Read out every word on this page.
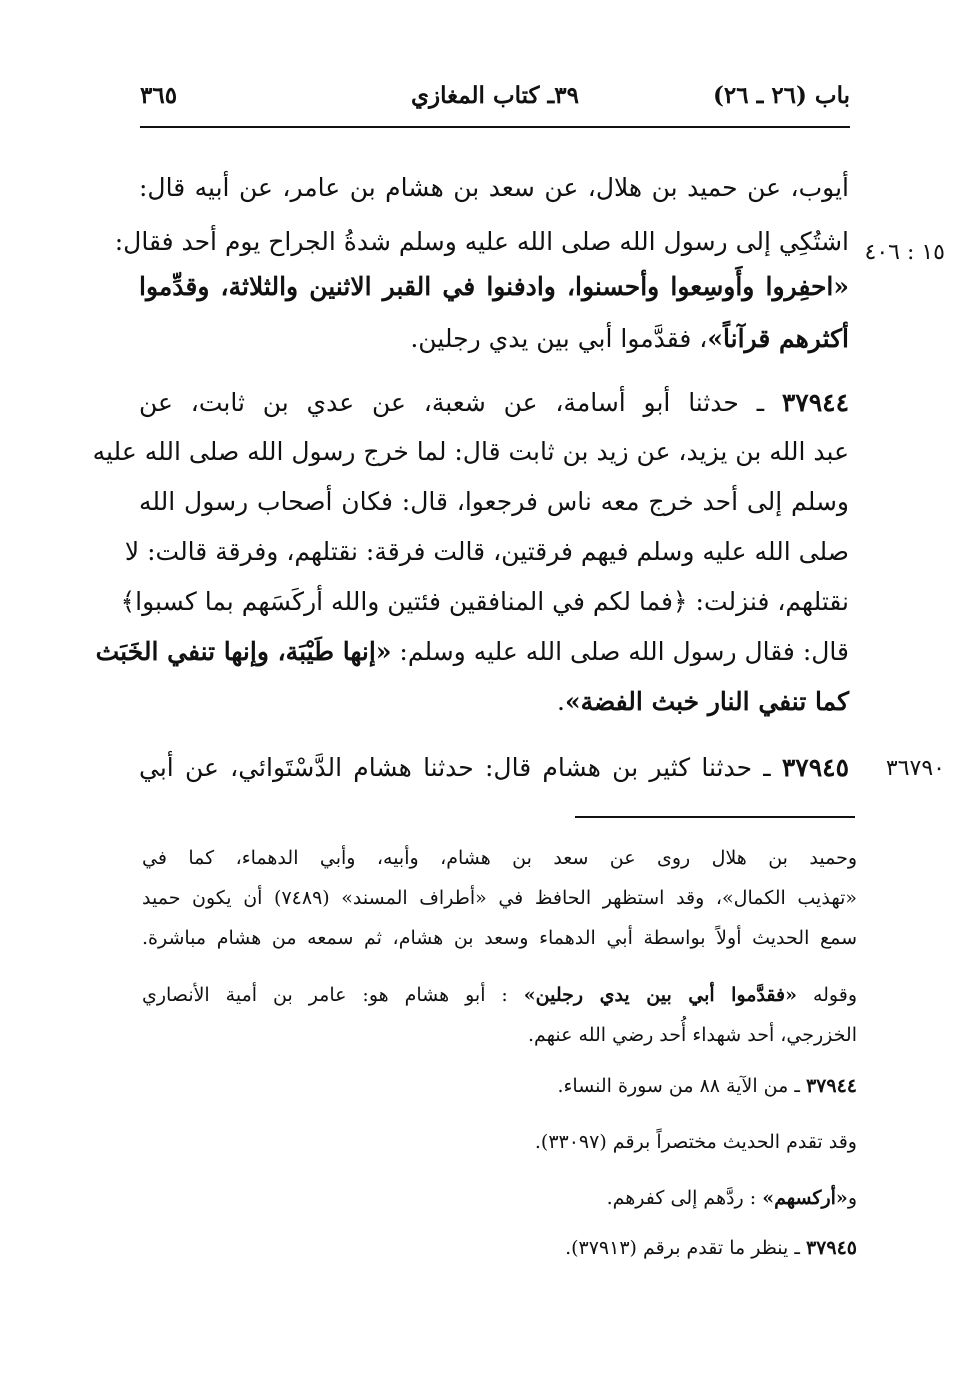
باب (٢٦ ـ ٢٦)
٣٩ـ كتاب المغازي
٣٦٥
١٥ : ٤٠٦
٣٦٧٩٠
أيوب، عن حميد بن هلال، عن سعد بن هشام بن عامر، عن أبيه قال:
اشتُكِي إلى رسول الله صلى الله عليه وسلم شدةُ الجراح يوم أحد فقال:
«احفِروا وأَوسِعوا وأحسنوا، وادفنوا في القبر الاثنين والثلاثة، وقدِّموا
أكثرهم قرآناً»، فقدَّموا أبي بين يدي رجلين.
٣٧٩٤٤ ـ حدثنا أبو أسامة، عن شعبة، عن عدي بن ثابت، عن
عبد الله بن يزيد، عن زيد بن ثابت قال: لما خرج رسول الله صلى الله عليه
وسلم إلى أحد خرج معه ناس فرجعوا، قال: فكان أصحاب رسول الله
صلى الله عليه وسلم فيهم فرقتين، قالت فرقة: نقتلهم، وفرقة قالت: لا
نقتلهم، فنزلت: ﴿فما لكم في المنافقين فئتين والله أركَسَهم بما كسبوا﴾
قال: فقال رسول الله صلى الله عليه وسلم: «إنها طَيْبَة، وإنها تنفي الخَبَث
كما تنفي النار خبث الفضة».
٣٧٩٤٥ ـ حدثنا كثير بن هشام قال: حدثنا هشام الدَّسْتَوائي، عن أبي
وحميد بن هلال روى عن سعد بن هشام، وأبيه، وأبي الدهماء، كما في
«تهذيب الكمال»، وقد استظهر الحافظ في «أطراف المسند» (٧٤٨٩) أن يكون حميد
سمع الحديث أولاً بواسطة أبي الدهماء وسعد بن هشام، ثم سمعه من هشام مباشرة.
وقوله «فقدَّموا أبي بين يدي رجلين» : أبو هشام هو: عامر بن أمية الأنصاري
الخزرجي، أحد شهداء أُحد رضي الله عنهم.
٣٧٩٤٤ ـ من الآية ٨٨ من سورة النساء.
وقد تقدم الحديث مختصراً برقم (٣٣٠٩٧).
و«أركسهم» : ردَّهم إلى كفرهم.
٣٧٩٤٥ ـ ينظر ما تقدم برقم (٣٧٩١٣).
